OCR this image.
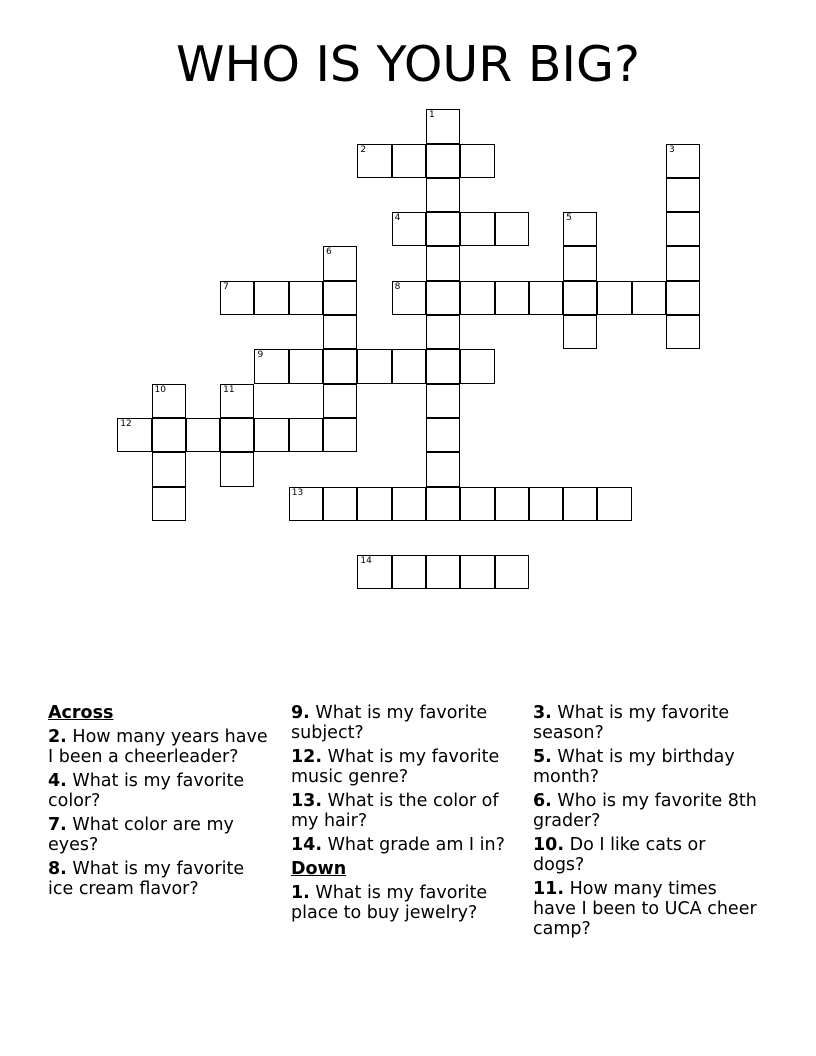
WHO IS YOUR BIG?
1
2	3
4	5
6
7	8
9
10	11
12
13
14
Across
2. How many years have I been a cheerleader?
4. What is my favorite color?
7. What color are my eyes?
8. What is my favorite ice cream flavor?
9. What is my favorite subject?
12. What is my favorite music genre?
13. What is the color of my hair?
14. What grade am I in?
Down
1. What is my favorite place to buy jewelry?
3. What is my favorite season?
5. What is my birthday month?
6. Who is my favorite 8th grader?
10. Do I like cats or dogs?
11. How many times have I been to UCA cheer camp?
